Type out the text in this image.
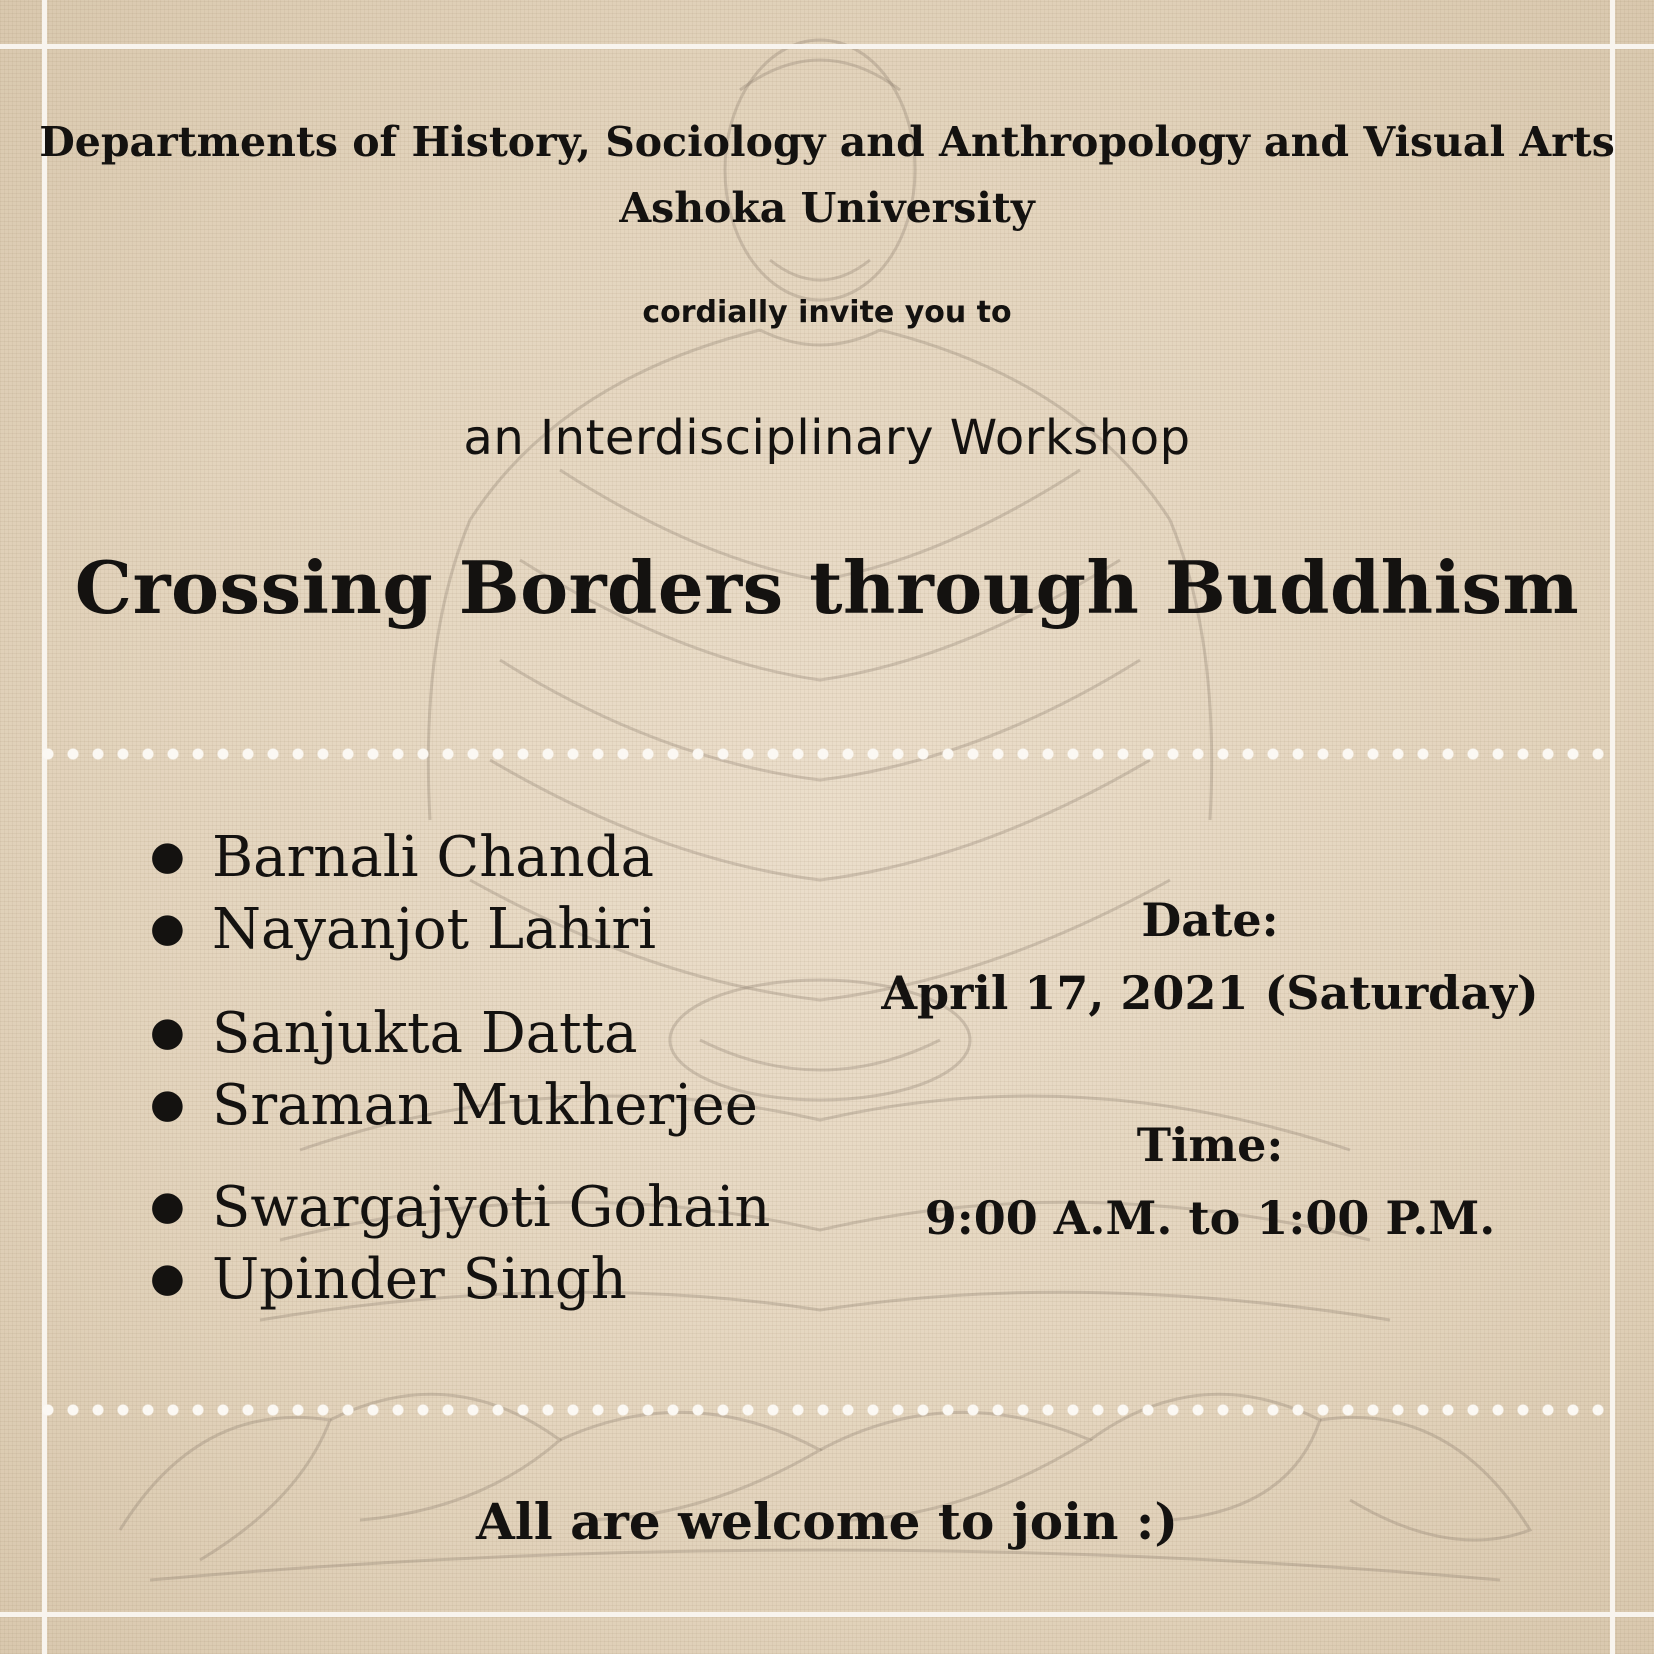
Departments of History, Sociology and Anthropology and Visual Arts

Ashoka University

cordially invite you to

an Interdisciplinary Workshop

Crossing Borders through Buddhism
● Barnali Chanda
● Nayanjot Lahiri
● Sanjukta Datta
● Sraman Mukherjee
● Swargajyoti Gohain
● Upinder Singh
Date:
April 17, 2021 (Saturday)
Time:
9:00 A.M. to 1:00 P.M.

All are welcome to join :)
